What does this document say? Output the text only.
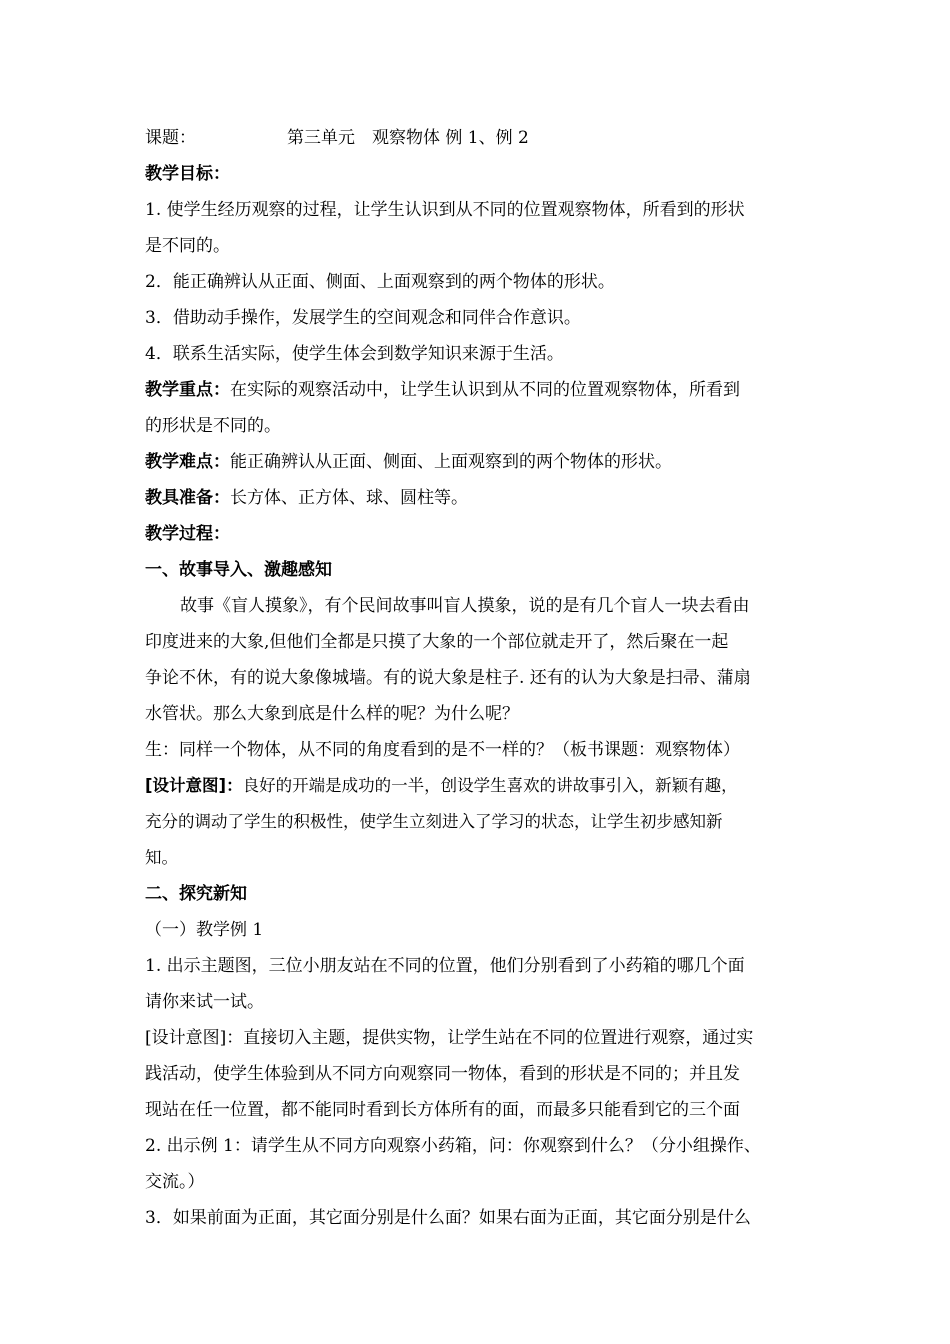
课题：	第三单元　观察物体 例 1、例 2

教学目标：

1. 使学生经历观察的过程，让学生认识到从不同的位置观察物体，所看到的形状

是不同的。

2．能正确辨认从正面、侧面、上面观察到的两个物体的形状。

3．借助动手操作，发展学生的空间观念和同伴合作意识。

4．联系生活实际，使学生体会到数学知识来源于生活。

教学重点：在实际的观察活动中，让学生认识到从不同的位置观察物体，所看到

的形状是不同的。

教学难点：能正确辨认从正面、侧面、上面观察到的两个物体的形状。

教具准备：长方体、正方体、球、圆柱等。

教学过程：

一、故事导入、激趣感知

故事《盲人摸象》，有个民间故事叫盲人摸象，说的是有几个盲人一块去看由

印度进来的大象,但他们全都是只摸了大象的一个部位就走开了，然后聚在一起

争论不休，有的说大象像城墙。有的说大象是柱子. 还有的认为大象是扫帚、蒲扇

水管状。那么大象到底是什么样的呢？为什么呢？

生：同样一个物体，从不同的角度看到的是不一样的？（板书课题：观察物体）

[设计意图]：良好的开端是成功的一半，创设学生喜欢的讲故事引入，新颖有趣，

充分的调动了学生的积极性，使学生立刻进入了学习的状态，让学生初步感知新

知。

二、探究新知

（一）教学例 1

1. 出示主题图，三位小朋友站在不同的位置，他们分别看到了小药箱的哪几个面

请你来试一试。

[设计意图]：直接切入主题，提供实物，让学生站在不同的位置进行观察，通过实

践活动，使学生体验到从不同方向观察同一物体，看到的形状是不同的；并且发

现站在任一位置，都不能同时看到长方体所有的面，而最多只能看到它的三个面

2. 出示例 1：请学生从不同方向观察小药箱，问：你观察到什么？（分小组操作、

交流。）

3．如果前面为正面，其它面分别是什么面？如果右面为正面，其它面分别是什么
